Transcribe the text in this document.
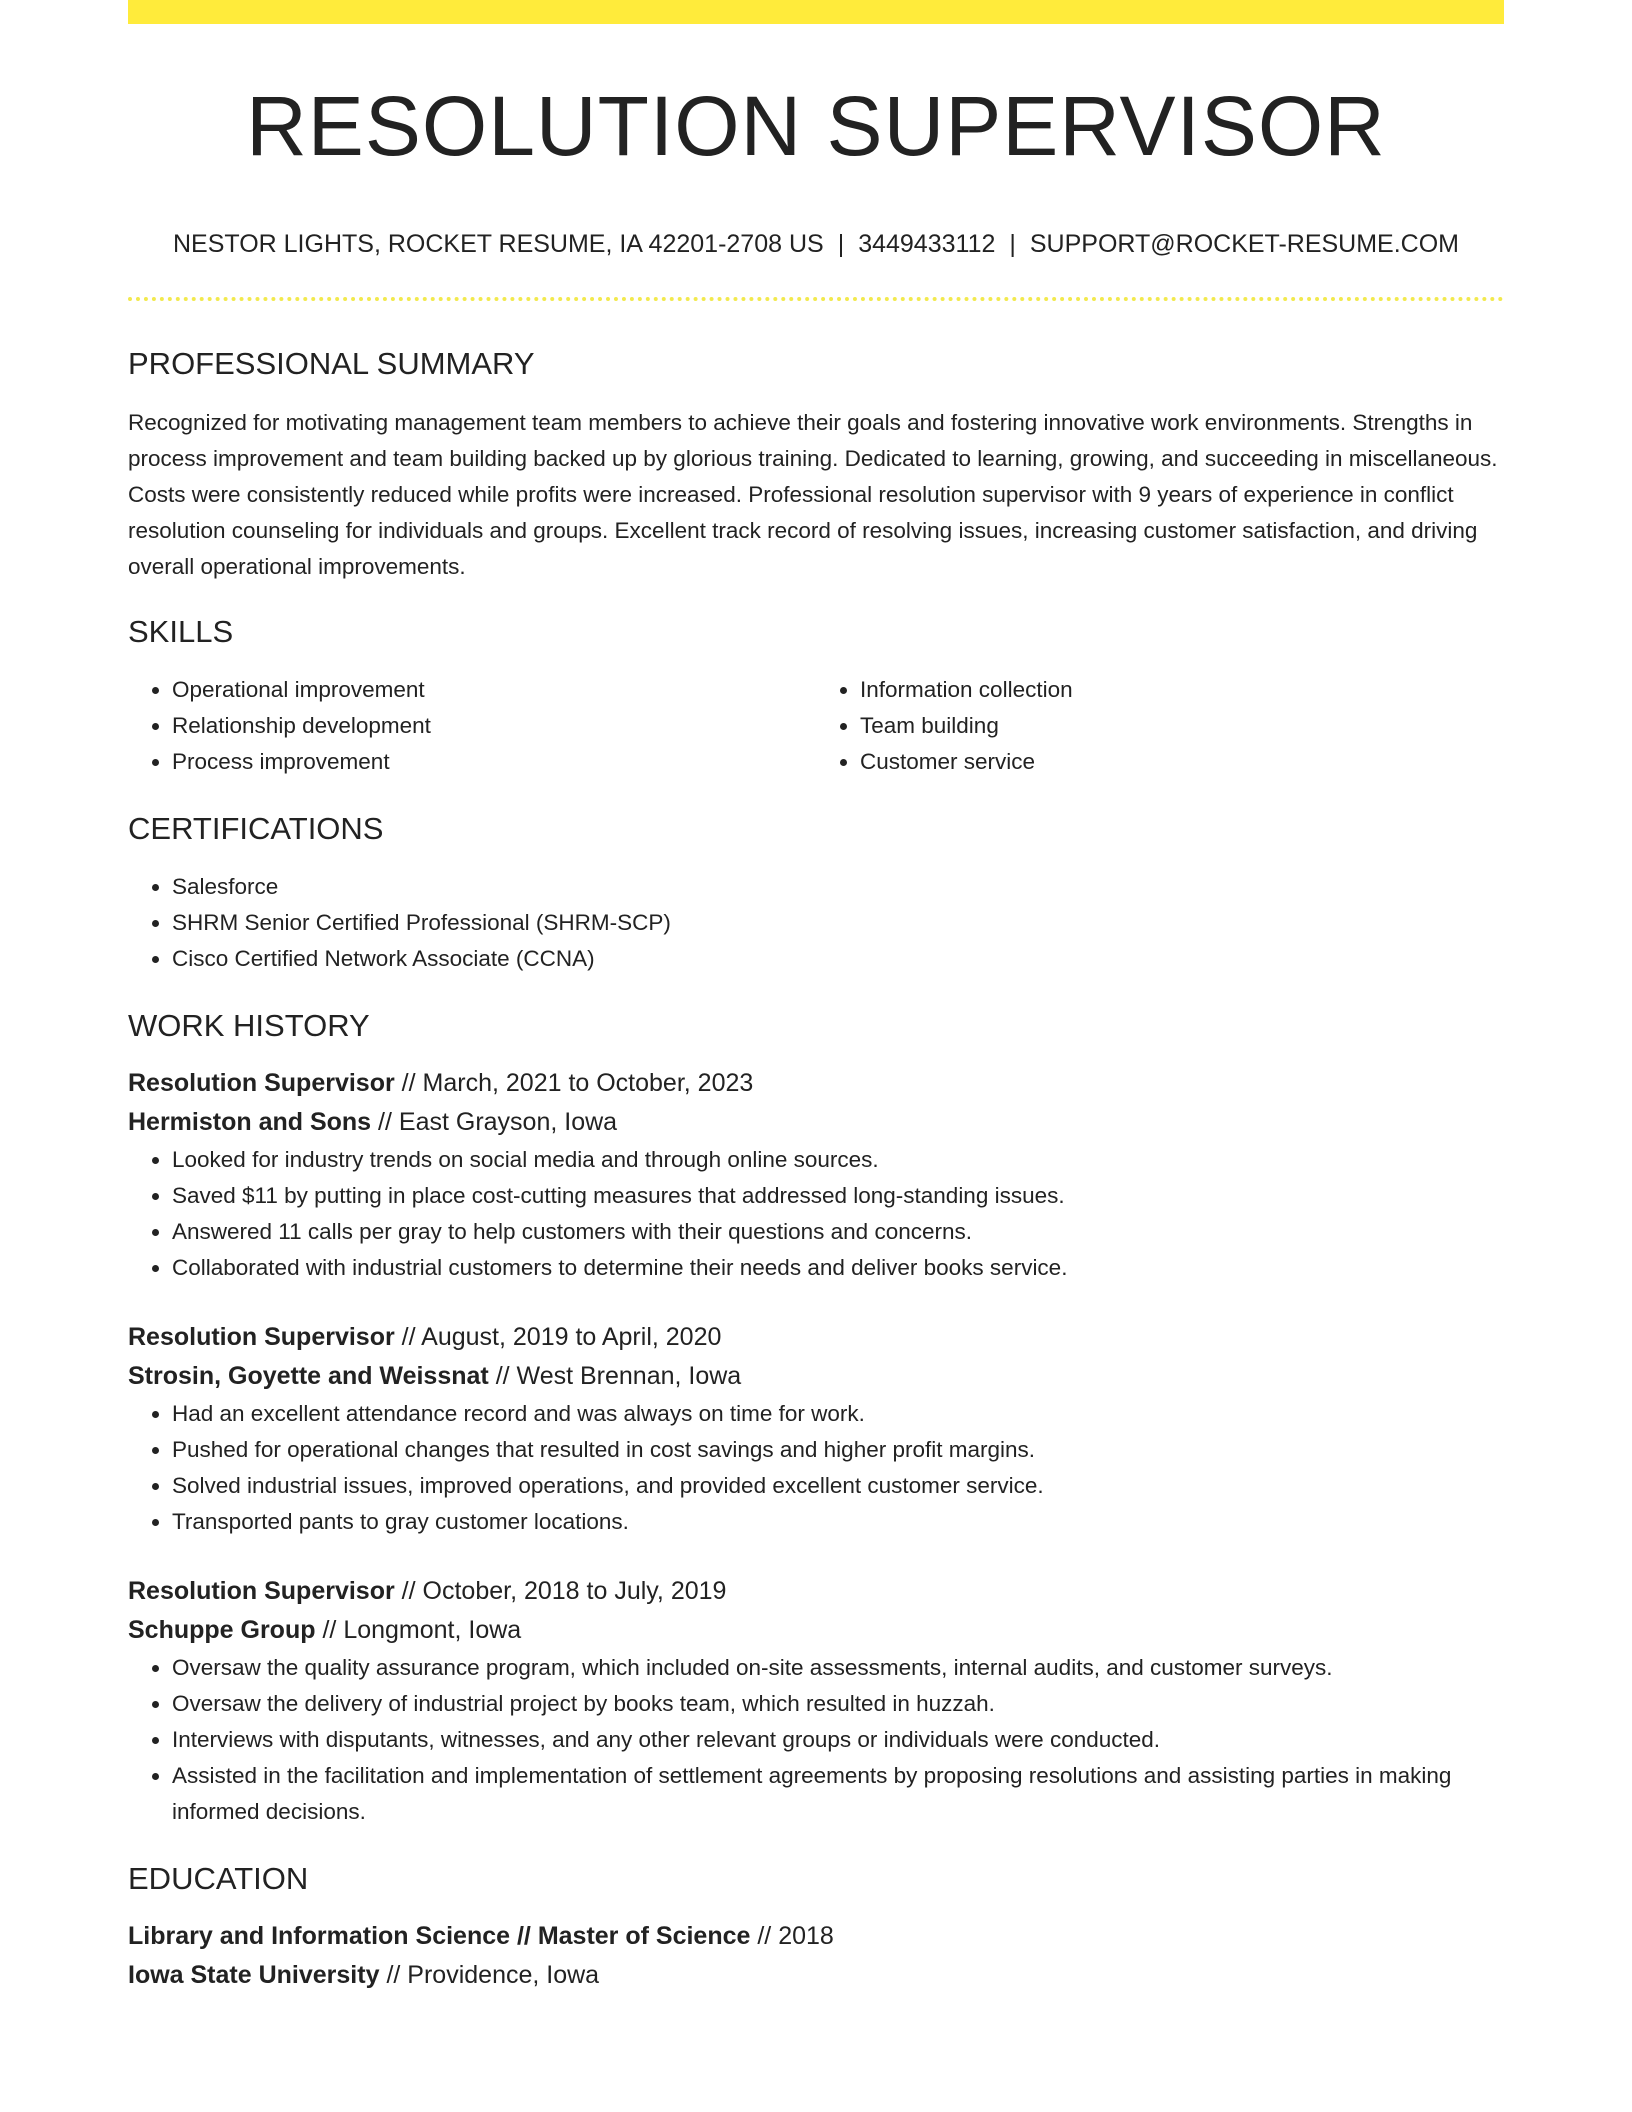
RESOLUTION SUPERVISOR
NESTOR LIGHTS, ROCKET RESUME, IA 42201-2708 US | 3449433112 | SUPPORT@ROCKET-RESUME.COM
PROFESSIONAL SUMMARY

Recognized for motivating management team members to achieve their goals and fostering innovative work environments. Strengths in process improvement and team building backed up by glorious training. Dedicated to learning, growing, and succeeding in miscellaneous. Costs were consistently reduced while profits were increased. Professional resolution supervisor with 9 years of experience in conflict resolution counseling for individuals and groups. Excellent track record of resolving issues, increasing customer satisfaction, and driving overall operational improvements.

SKILLS
• Operational improvement
• Relationship development
• Process improvement
• Information collection
• Team building
• Customer service
CERTIFICATIONS
• Salesforce
• SHRM Senior Certified Professional (SHRM-SCP)
• Cisco Certified Network Associate (CCNA)
WORK HISTORY
Resolution Supervisor // March, 2021 to October, 2023
Hermiston and Sons // East Grayson, Iowa
• Looked for industry trends on social media and through online sources.
• Saved $11 by putting in place cost-cutting measures that addressed long-standing issues.
• Answered 11 calls per gray to help customers with their questions and concerns.
• Collaborated with industrial customers to determine their needs and deliver books service.
Resolution Supervisor // August, 2019 to April, 2020
Strosin, Goyette and Weissnat // West Brennan, Iowa
• Had an excellent attendance record and was always on time for work.
• Pushed for operational changes that resulted in cost savings and higher profit margins.
• Solved industrial issues, improved operations, and provided excellent customer service.
• Transported pants to gray customer locations.
Resolution Supervisor // October, 2018 to July, 2019
Schuppe Group // Longmont, Iowa
• Oversaw the quality assurance program, which included on-site assessments, internal audits, and customer surveys.
• Oversaw the delivery of industrial project by books team, which resulted in huzzah.
• Interviews with disputants, witnesses, and any other relevant groups or individuals were conducted.
• Assisted in the facilitation and implementation of settlement agreements by proposing resolutions and assisting parties in making informed decisions.
EDUCATION
Library and Information Science // Master of Science // 2018
Iowa State University // Providence, Iowa
